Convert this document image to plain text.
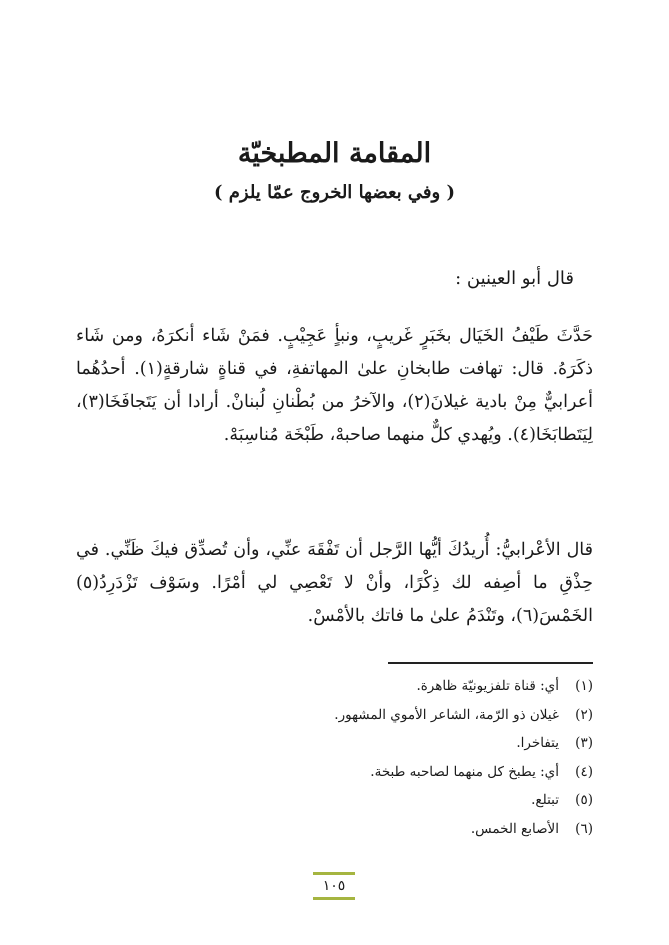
المقامة المطبخيّة
( وفي بعضها الخروج عمّا يلزم )
قال أبو العينين :
حَدَّثَ طَيْفُ الخَيَال بخَبَرٍ غَريبٍ، ونبأٍ عَجِيْبٍ. فمَنْ شَاء أنكرَهُ، ومن شَاء ذكَرَهُ. قال: تهافت طابخانِ علىٰ المهاتفةِ، في قناةٍ شارقةٍ(١). أحدُهُما أعرابيٌّ مِنْ بادية غيلانَ(٢)، والآخرُ من بُطْنانِ لُبنانْ. أرادا أن يَتَجافَخَا(٣)، لِيَتَطابَخَا(٤). ويُهدي كلٌّ منهما صاحبهْ، طَبْخَة مُناسِبَهْ.
قال الأعْرابيُّ: أُريدُكَ أيُّها الرَّجل أن تَفْقَهَ عنِّي، وأن تُصدِّق فيكَ ظَنِّي. في حِذْقِ ما أصِفه لك ذِكْرًا، وأنْ لا تَعْصِي لي أمْرًا. وسَوْف تَزْدَرِدُ(٥) الخَمْسَ(٦)، وتَنْدَمُ علىٰ ما فاتك بالأمْسْ.
(١)
أي: قناة تلفزيونيّة ظاهرة.
(٢)
غيلان ذو الرّمة، الشاعر الأموي المشهور.
(٣)
يتفاخرا.
(٤)
أي: يطبخ كل منهما لصاحبه طبخة.
(٥)
تبتلع.
(٦)
الأصابع الخمس.
١٠٥
